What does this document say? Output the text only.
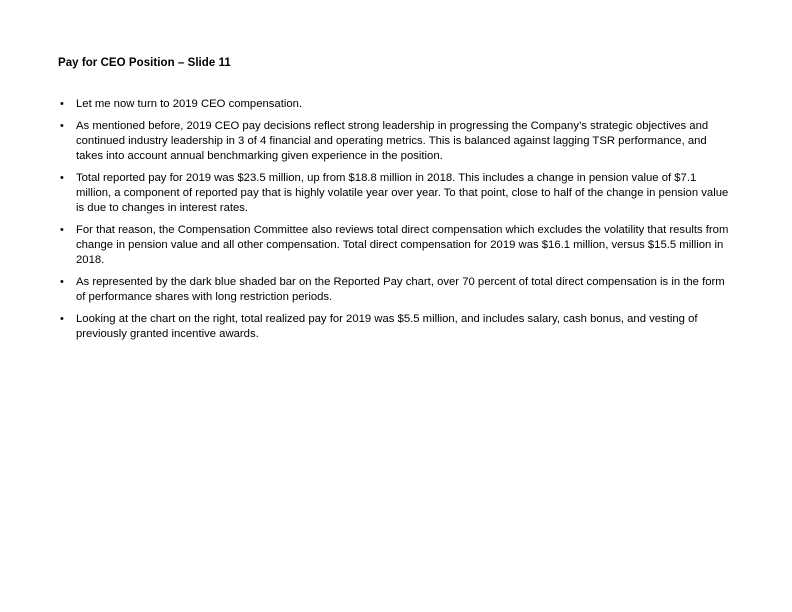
Pay for CEO Position – Slide 11
• Let me now turn to 2019 CEO compensation.
• As mentioned before, 2019 CEO pay decisions reflect strong leadership in progressing the Company’s strategic objectives and continued industry leadership in 3 of 4 financial and operating metrics. This is balanced against lagging TSR performance, and takes into account annual benchmarking given experience in the position.
• Total reported pay for 2019 was $23.5 million, up from $18.8 million in 2018. This includes a change in pension value of $7.1 million, a component of reported pay that is highly volatile year over year. To that point, close to half of the change in pension value is due to changes in interest rates.
• For that reason, the Compensation Committee also reviews total direct compensation which excludes the volatility that results from change in pension value and all other compensation. Total direct compensation for 2019 was $16.1 million, versus $15.5 million in 2018.
• As represented by the dark blue shaded bar on the Reported Pay chart, over 70 percent of total direct compensation is in the form of performance shares with long restriction periods.
• Looking at the chart on the right, total realized pay for 2019 was $5.5 million, and includes salary, cash bonus, and vesting of previously granted incentive awards.
